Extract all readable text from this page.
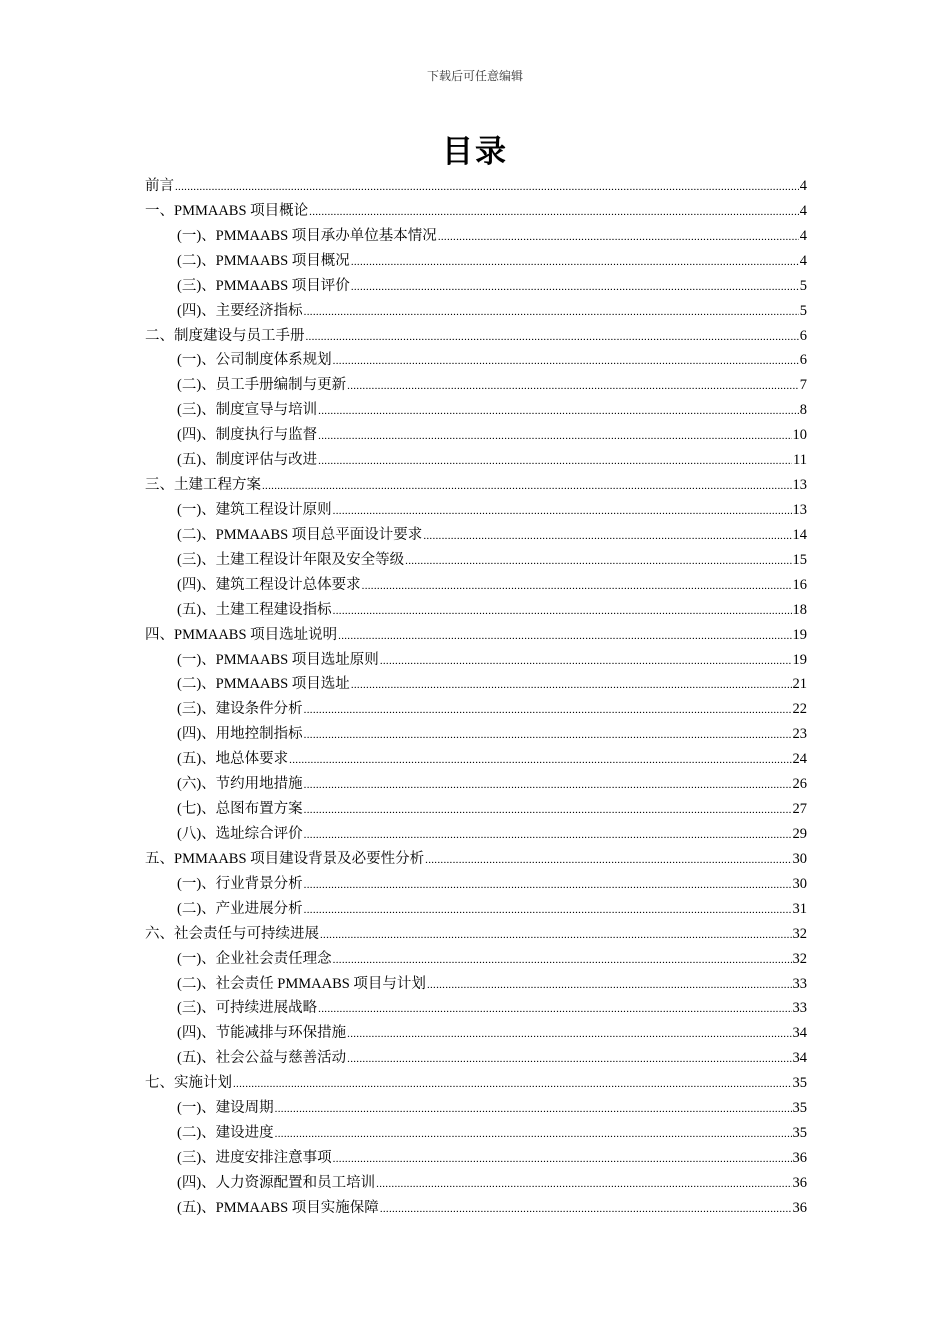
下载后可任意编辑
目录
前言 .....	4
一、PMMAABS 项目概论 .....	4
(一)、PMMAABS 项目承办单位基本情况 .....	4
(二)、PMMAABS 项目概况 .....	4
(三)、PMMAABS 项目评价 .....	5
(四)、主要经济指标 .....	5
二、制度建设与员工手册 .....	6
(一)、公司制度体系规划 .....	6
(二)、员工手册编制与更新 .....	7
(三)、制度宣导与培训 .....	8
(四)、制度执行与监督 .....	10
(五)、制度评估与改进 .....	11
三、土建工程方案 .....	13
(一)、建筑工程设计原则 .....	13
(二)、PMMAABS 项目总平面设计要求 .....	14
(三)、土建工程设计年限及安全等级 .....	15
(四)、建筑工程设计总体要求 .....	16
(五)、土建工程建设指标 .....	18
四、PMMAABS 项目选址说明 .....	19
(一)、PMMAABS 项目选址原则 .....	19
(二)、PMMAABS 项目选址 .....	21
(三)、建设条件分析 .....	22
(四)、用地控制指标 .....	23
(五)、地总体要求 .....	24
(六)、节约用地措施 .....	26
(七)、总图布置方案 .....	27
(八)、选址综合评价 .....	29
五、PMMAABS 项目建设背景及必要性分析 .....	30
(一)、行业背景分析 .....	30
(二)、产业进展分析 .....	31
六、社会责任与可持续进展 .....	32
(一)、企业社会责任理念 .....	32
(二)、社会责任 PMMAABS 项目与计划 .....	33
(三)、可持续进展战略 .....	33
(四)、节能减排与环保措施 .....	34
(五)、社会公益与慈善活动 .....	34
七、实施计划 .....	35
(一)、建设周期 .....	35
(二)、建设进度 .....	35
(三)、进度安排注意事项 .....	36
(四)、人力资源配置和员工培训 .....	36
(五)、PMMAABS 项目实施保障 .....	36
